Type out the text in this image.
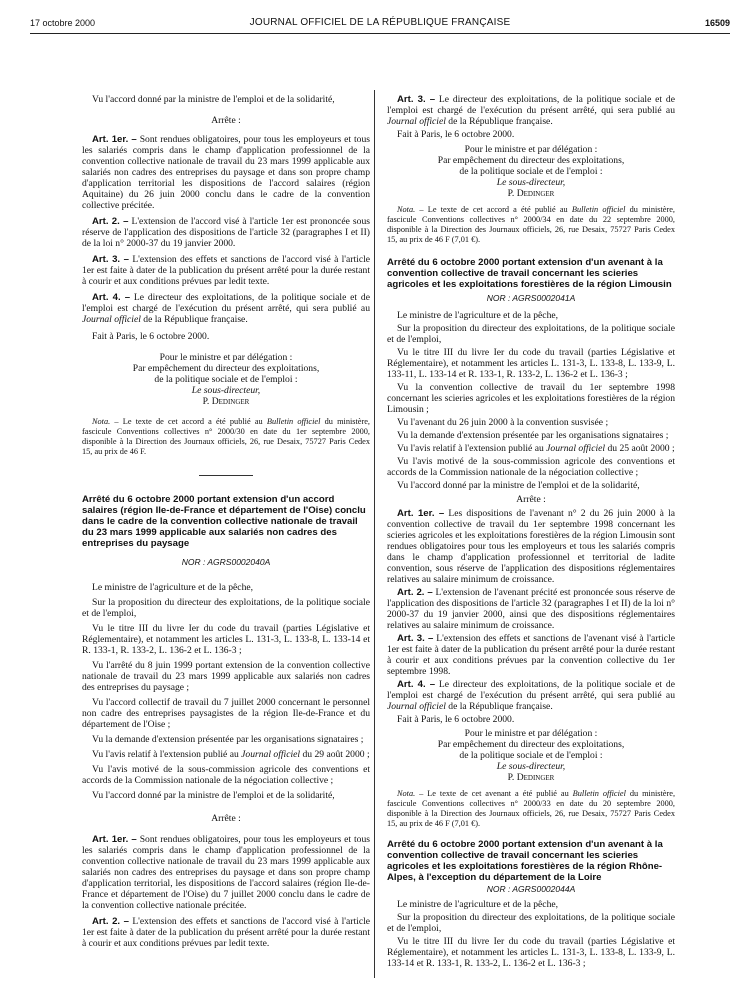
17 octobre 2000	JOURNAL OFFICIEL DE LA RÉPUBLIQUE FRANÇAISE	16509

Vu l'accord donné par la ministre de l'emploi et de la solidarité,

Arrête :

Art. 1er. – Sont rendues obligatoires, pour tous les employeurs et tous les salariés compris dans le champ d'application professionnel de la convention collective nationale de travail du 23 mars 1999 applicable aux salariés non cadres des entreprises du paysage et dans son propre champ d'application territorial les dispositions de l'accord salaires (région Aquitaine) du 26 juin 2000 conclu dans le cadre de la convention collective précitée.

Art. 2. – L'extension de l'accord visé à l'article 1er est prononcée sous réserve de l'application des dispositions de l'article 32 (paragraphes I et II) de la loi n° 2000-37 du 19 janvier 2000.

Art. 3. – L'extension des effets et sanctions de l'accord visé à l'article 1er est faite à dater de la publication du présent arrêté pour la durée restant à courir et aux conditions prévues par ledit texte.

Art. 4. – Le directeur des exploitations, de la politique sociale et de l'emploi est chargé de l'exécution du présent arrêté, qui sera publié au Journal officiel de la République française.

Fait à Paris, le 6 octobre 2000.

Pour le ministre et par délégation :

Par empêchement du directeur des exploitations,

de la politique sociale et de l'emploi :

Le sous-directeur,

P. Dedinger

Nota. – Le texte de cet accord a été publié au Bulletin officiel du ministère, fascicule Conventions collectives n° 2000/30 en date du 1er septembre 2000, disponible à la Direction des Journaux officiels, 26, rue Desaix, 75727 Paris Cedex 15, au prix de 46 F.

Arrêté du 6 octobre 2000 portant extension d'un accord salaires (région Ile-de-France et département de l'Oise) conclu dans le cadre de la convention collective nationale de travail du 23 mars 1999 applicable aux salariés non cadres des entreprises du paysage

NOR : AGRS0002040A

Le ministre de l'agriculture et de la pêche,

Sur la proposition du directeur des exploitations, de la politique sociale et de l'emploi,

Vu le titre III du livre Ier du code du travail (parties Législative et Réglementaire), et notamment les articles L. 131-3, L. 133-8, L. 133-14 et R. 133-1, R. 133-2, L. 136-2 et L. 136-3 ;

Vu l'arrêté du 8 juin 1999 portant extension de la convention collective nationale de travail du 23 mars 1999 applicable aux salariés non cadres des entreprises du paysage ;

Vu l'accord collectif de travail du 7 juillet 2000 concernant le personnel non cadre des entreprises paysagistes de la région Ile-de-France et du département de l'Oise ;

Vu la demande d'extension présentée par les organisations signataires ;

Vu l'avis relatif à l'extension publié au Journal officiel du 29 août 2000 ;

Vu l'avis motivé de la sous-commission agricole des conventions et accords de la Commission nationale de la négociation collective ;

Vu l'accord donné par la ministre de l'emploi et de la solidarité,

Arrête :

Art. 1er. – Sont rendues obligatoires, pour tous les employeurs et tous les salariés compris dans le champ d'application professionnel de la convention collective nationale de travail du 23 mars 1999 applicable aux salariés non cadres des entreprises du paysage et dans son propre champ d'application territorial, les dispositions de l'accord salaires (région Ile-de-France et département de l'Oise) du 7 juillet 2000 conclu dans le cadre de la convention collective nationale précitée.

Art. 2. – L'extension des effets et sanctions de l'accord visé à l'article 1er est faite à dater de la publication du présent arrêté pour la durée restant à courir et aux conditions prévues par ledit texte.

Art. 3. – Le directeur des exploitations, de la politique sociale et de l'emploi est chargé de l'exécution du présent arrêté, qui sera publié au Journal officiel de la République française.

Fait à Paris, le 6 octobre 2000.

Pour le ministre et par délégation :

Par empêchement du directeur des exploitations,

de la politique sociale et de l'emploi :

Le sous-directeur,

P. Dedinger

Nota. – Le texte de cet accord a été publié au Bulletin officiel du ministère, fascicule Conventions collectives n° 2000/34 en date du 22 septembre 2000, disponible à la Direction des Journaux officiels, 26, rue Desaix, 75727 Paris Cedex 15, au prix de 46 F (7,01 €).

Arrêté du 6 octobre 2000 portant extension d'un avenant à la convention collective de travail concernant les scieries agricoles et les exploitations forestières de la région Limousin

NOR : AGRS0002041A

Le ministre de l'agriculture et de la pêche,

Sur la proposition du directeur des exploitations, de la politique sociale et de l'emploi,

Vu le titre III du livre Ier du code du travail (parties Législative et Réglementaire), et notamment les articles L. 131-3, L. 133-8, L. 133-9, L. 133-11, L. 133-14 et R. 133-1, R. 133-2, L. 136-2 et L. 136-3 ;

Vu la convention collective de travail du 1er septembre 1998 concernant les scieries agricoles et les exploitations forestières de la région Limousin ;

Vu l'avenant du 26 juin 2000 à la convention susvisée ;

Vu la demande d'extension présentée par les organisations signataires ;

Vu l'avis relatif à l'extension publié au Journal officiel du 25 août 2000 ;

Vu l'avis motivé de la sous-commission agricole des conventions et accords de la Commission nationale de la négociation collective ;

Vu l'accord donné par la ministre de l'emploi et de la solidarité,

Arrête :

Art. 1er. – Les dispositions de l'avenant n° 2 du 26 juin 2000 à la convention collective de travail du 1er septembre 1998 concernant les scieries agricoles et les exploitations forestières de la région Limousin sont rendues obligatoires pour tous les employeurs et tous les salariés compris dans le champ d'application professionnel et territorial de ladite convention, sous réserve de l'application des dispositions réglementaires relatives au salaire minimum de croissance.

Art. 2. – L'extension de l'avenant précité est prononcée sous réserve de l'application des dispositions de l'article 32 (paragraphes I et II) de la loi n° 2000-37 du 19 janvier 2000, ainsi que des dispositions réglementaires relatives au salaire minimum de croissance.

Art. 3. – L'extension des effets et sanctions de l'avenant visé à l'article 1er est faite à dater de la publication du présent arrêté pour la durée restant à courir et aux conditions prévues par la convention collective du 1er septembre 1998.

Art. 4. – Le directeur des exploitations, de la politique sociale et de l'emploi est chargé de l'exécution du présent arrêté, qui sera publié au Journal officiel de la République française.

Fait à Paris, le 6 octobre 2000.

Pour le ministre et par délégation :

Par empêchement du directeur des exploitations,

de la politique sociale et de l'emploi :

Le sous-directeur,

P. Dedinger

Nota. – Le texte de cet avenant a été publié au Bulletin officiel du ministère, fascicule Conventions collectives n° 2000/33 en date du 20 septembre 2000, disponible à la Direction des Journaux officiels, 26, rue Desaix, 75727 Paris Cedex 15, au prix de 46 F (7,01 €).

Arrêté du 6 octobre 2000 portant extension d'un avenant à la convention collective de travail concernant les scieries agricoles et les exploitations forestières de la région Rhône-Alpes, à l'exception du département de la Loire

NOR : AGRS0002044A

Le ministre de l'agriculture et de la pêche,

Sur la proposition du directeur des exploitations, de la politique sociale et de l'emploi,

Vu le titre III du livre Ier du code du travail (parties Législative et Réglementaire), et notamment les articles L. 131-3, L. 133-8, L. 133-9, L. 133-14 et R. 133-1, R. 133-2, L. 136-2 et L. 136-3 ;
